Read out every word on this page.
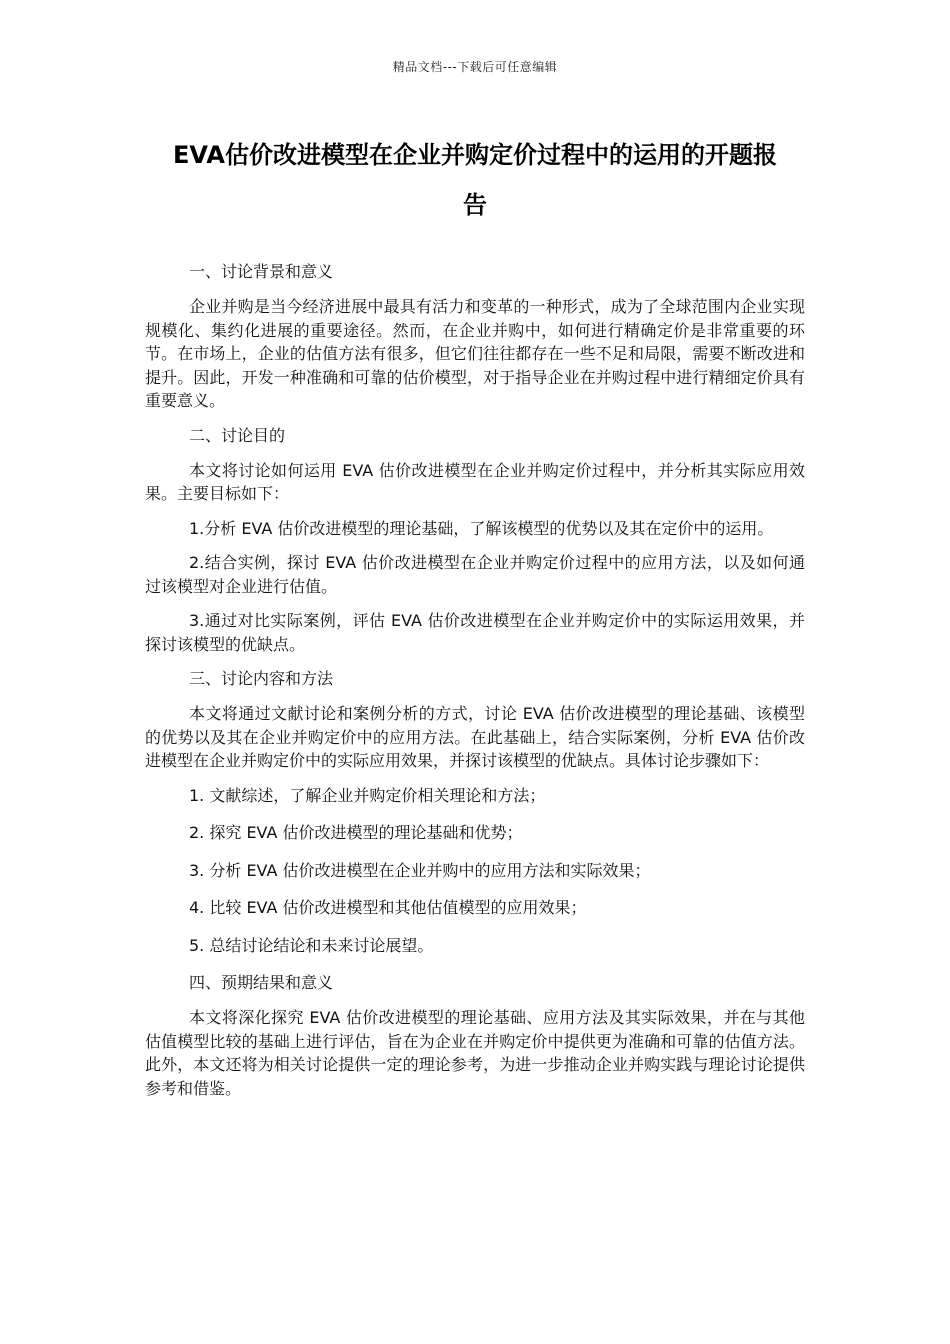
精品文档---下载后可任意编辑
EVA估价改进模型在企业并购定价过程中的运用的开题报
告

一、讨论背景和意义

企业并购是当今经济进展中最具有活力和变革的一种形式，成为了全球范围内企业实现规模化、集约化进展的重要途径。然而，在企业并购中，如何进行精确定价是非常重要的环节。在市场上，企业的估值方法有很多，但它们往往都存在一些不足和局限，需要不断改进和提升。因此，开发一种准确和可靠的估价模型，对于指导企业在并购过程中进行精细定价具有重要意义。

二、讨论目的

本文将讨论如何运用 EVA 估价改进模型在企业并购定价过程中，并分析其实际应用效果。主要目标如下：

1.分析 EVA 估价改进模型的理论基础，了解该模型的优势以及其在定价中的运用。

2.结合实例，探讨 EVA 估价改进模型在企业并购定价过程中的应用方法，以及如何通过该模型对企业进行估值。

3.通过对比实际案例，评估 EVA 估价改进模型在企业并购定价中的实际运用效果，并探讨该模型的优缺点。

三、讨论内容和方法

本文将通过文献讨论和案例分析的方式，讨论 EVA 估价改进模型的理论基础、该模型的优势以及其在企业并购定价中的应用方法。在此基础上，结合实际案例，分析 EVA 估价改进模型在企业并购定价中的实际应用效果，并探讨该模型的优缺点。具体讨论步骤如下：

1. 文献综述，了解企业并购定价相关理论和方法；

2. 探究 EVA 估价改进模型的理论基础和优势；

3. 分析 EVA 估价改进模型在企业并购中的应用方法和实际效果；

4. 比较 EVA 估价改进模型和其他估值模型的应用效果；

5. 总结讨论结论和未来讨论展望。

四、预期结果和意义

本文将深化探究 EVA 估价改进模型的理论基础、应用方法及其实际效果，并在与其他估值模型比较的基础上进行评估，旨在为企业在并购定价中提供更为准确和可靠的估值方法。此外，本文还将为相关讨论提供一定的理论参考，为进一步推动企业并购实践与理论讨论提供参考和借鉴。
